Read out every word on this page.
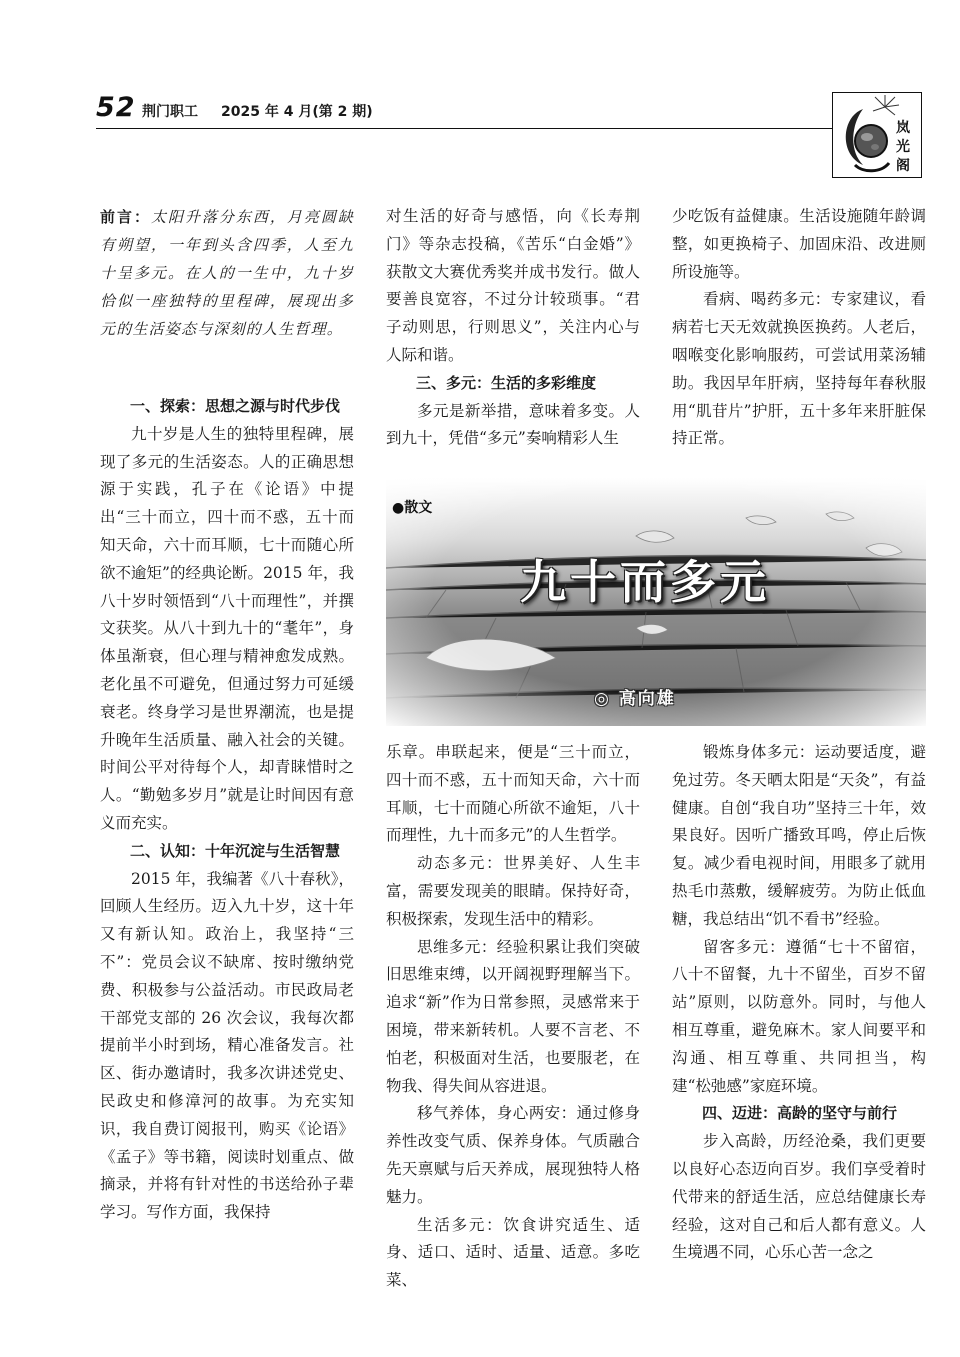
52 荆门职工 2025 年 4 月(第 2 期)
岚光阁
前言：太阳升落分东西，月亮圆缺有朔望，一年到头含四季，人至九十呈多元。在人的一生中，九十岁恰似一座独特的里程碑，展现出多元的生活姿态与深刻的人生哲理。
一、探索：思想之源与时代步伐

九十岁是人生的独特里程碑，展现了多元的生活姿态。人的正确思想源于实践，孔子在《论语》中提出“三十而立，四十而不惑，五十而知天命，六十而耳顺，七十而随心所欲不逾矩”的经典论断。2015 年，我八十岁时领悟到“八十而理性”，并撰文获奖。从八十到九十的“耄年”，身体虽渐衰，但心理与精神愈发成熟。老化虽不可避免，但通过努力可延缓衰老。终身学习是世界潮流，也是提升晚年生活质量、融入社会的关键。时间公平对待每个人，却青睐惜时之人。“勤勉多岁月”就是让时间因有意义而充实。

二、认知：十年沉淀与生活智慧

2015 年，我编著《八十春秋》，回顾人生经历。迈入九十岁，这十年又有新认知。政治上，我坚持“三不”：党员会议不缺席、按时缴纳党费、积极参与公益活动。市民政局老干部党支部的 26 次会议，我每次都提前半小时到场，精心准备发言。社区、街办邀请时，我多次讲述党史、民政史和修漳河的故事。为充实知识，我自费订阅报刊，购买《论语》《孟子》等书籍，阅读时划重点、做摘录，并将有针对性的书送给孙子辈学习。写作方面，我保持

对生活的好奇与感悟，向《长寿荆门》等杂志投稿，《苦乐“白金婚”》获散文大赛优秀奖并成书发行。做人要善良宽容，不过分计较琐事。“君子动则思，行则思义”，关注内心与人际和谐。

三、多元：生活的多彩维度

多元是新举措，意味着多变。人到九十，凭借“多元”奏响精彩人生

少吃饭有益健康。生活设施随年龄调整，如更换椅子、加固床沿、改进厕所设施等。

看病、喝药多元：专家建议，看病若七天无效就换医换药。人老后，咽喉变化影响服药，可尝试用菜汤辅助。我因早年肝病，坚持每年春秋服用“肌苷片”护肝，五十多年来肝脏保持正常。

●散文
九十而多元
◎ 高向雄

乐章。串联起来，便是“三十而立，四十而不惑，五十而知天命，六十而耳顺，七十而随心所欲不逾矩，八十而理性，九十而多元”的人生哲学。

动态多元：世界美好、人生丰富，需要发现美的眼睛。保持好奇，积极探索，发现生活中的精彩。

思维多元：经验积累让我们突破旧思维束缚，以开阔视野理解当下。追求“新”作为日常参照，灵感常来于困境，带来新转机。人要不言老、不怕老，积极面对生活，也要服老，在物我、得失间从容进退。

移气养体，身心两安：通过修身养性改变气质、保养身体。气质融合先天禀赋与后天养成，展现独特人格魅力。

生活多元：饮食讲究适生、适身、适口、适时、适量、适意。多吃菜、

锻炼身体多元：运动要适度，避免过劳。冬天晒太阳是“天灸”，有益健康。自创“我自功”坚持三十年，效果良好。因听广播致耳鸣，停止后恢复。减少看电视时间，用眼多了就用热毛巾蒸敷，缓解疲劳。为防止低血糖，我总结出“饥不看书”经验。

留客多元：遵循“七十不留宿，八十不留餐，九十不留坐，百岁不留站”原则，以防意外。同时，与他人相互尊重，避免麻木。家人间要平和沟通、相互尊重、共同担当，构建“松弛感”家庭环境。

四、迈进：高龄的坚守与前行

步入高龄，历经沧桑，我们更要以良好心态迈向百岁。我们享受着时代带来的舒适生活，应总结健康长寿经验，这对自己和后人都有意义。人生境遇不同，心乐心苦一念之
